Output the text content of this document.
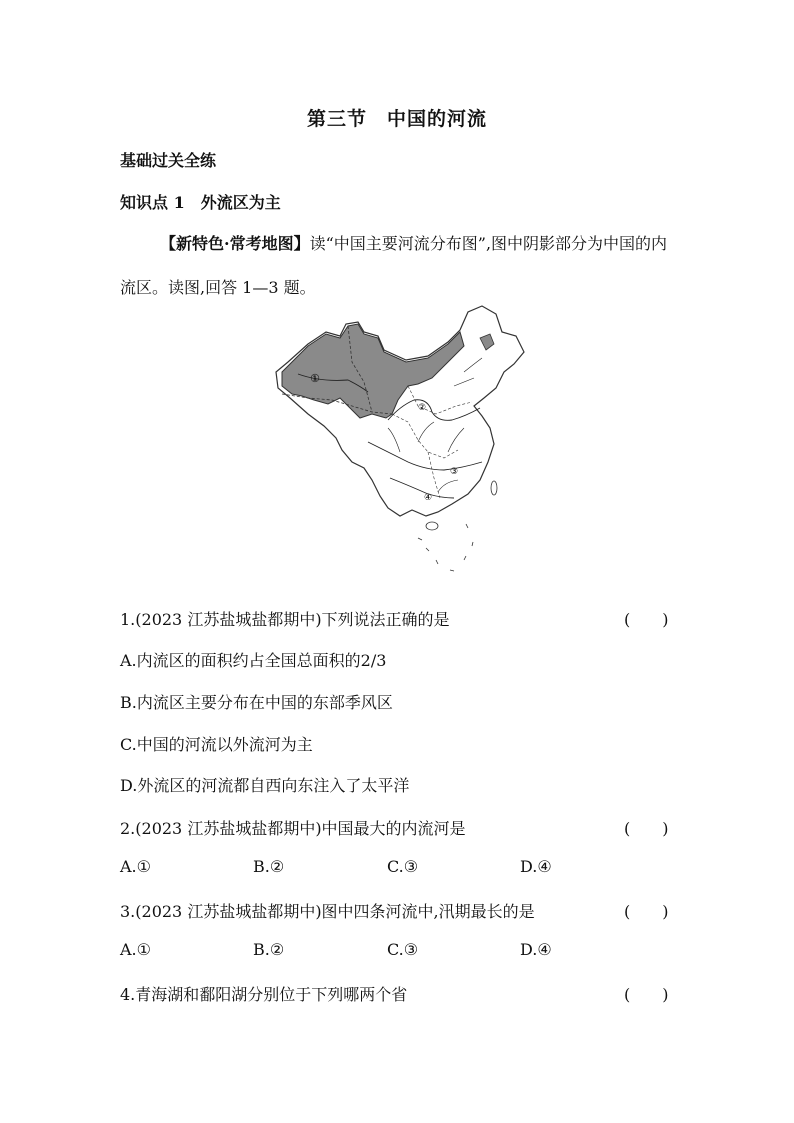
第三节　中国的河流
基础过关全练
知识点 1　外流区为主
【新特色·常考地图】读“中国主要河流分布图”,图中阴影部分为中国的内流区。读图,回答 1—3 题。
①
②
③
④
1.(2023 江苏盐城盐都期中)下列说法正确的是	(　　)
A.内流区的面积约占全国总面积的2/3
B.内流区主要分布在中国的东部季风区
C.中国的河流以外流河为主
D.外流区的河流都自西向东注入了太平洋
2.(2023 江苏盐城盐都期中)中国最大的内流河是	(　　)
A.①	B.②	C.③	D.④
3.(2023 江苏盐城盐都期中)图中四条河流中,汛期最长的是	(　　)
A.①	B.②	C.③	D.④
4.青海湖和鄱阳湖分别位于下列哪两个省	(　　)
